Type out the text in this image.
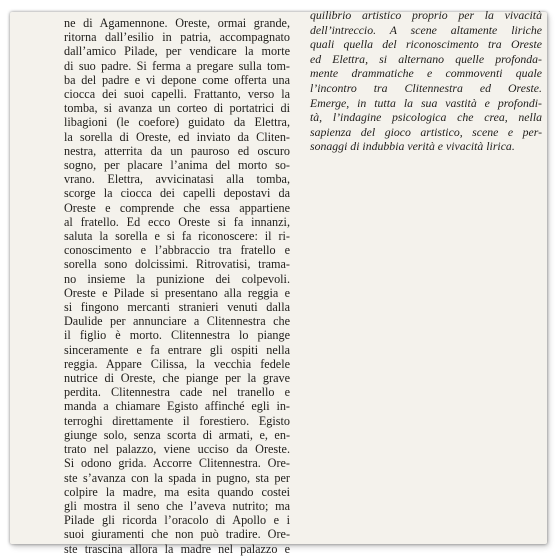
ne di Agamennone. Oreste, ormai grande,
ritorna dall’esilio in patria, accompagnato
dall’amico Pilade, per vendicare la morte
di suo padre. Si ferma a pregare sulla tom-
ba del padre e vi depone come offerta una
ciocca dei suoi capelli. Frattanto, verso la
tomba, si avanza un corteo di portatrici di
libagioni (le coefore) guidato da Elettra,
la sorella di Oreste, ed inviato da Cliten-
nestra, atterrita da un pauroso ed oscuro
sogno, per placare l’anima del morto so-
vrano. Elettra, avvicinatasi alla tomba,
scorge la ciocca dei capelli depostavi da
Oreste e comprende che essa appartiene
al fratello. Ed ecco Oreste si fa innanzi,
saluta la sorella e si fa riconoscere: il ri-
conoscimento e l’abbraccio tra fratello e
sorella sono dolcissimi. Ritrovatisi, trama-
no insieme la punizione dei colpevoli.
Oreste e Pilade si presentano alla reggia e
si fingono mercanti stranieri venuti dalla
Daulide per annunciare a Clitennestra che
il figlio è morto. Clitennestra lo piange
sinceramente e fa entrare gli ospiti nella
reggia. Appare Cilissa, la vecchia fedele
nutrice di Oreste, che piange per la grave
perdita. Clitennestra cade nel tranello e
manda a chiamare Egisto affinché egli in-
terroghi direttamente il forestiero. Egisto
giunge solo, senza scorta di armati, e, en-
trato nel palazzo, viene ucciso da Oreste.
Si odono grida. Accorre Clitennestra. Ore-
ste s’avanza con la spada in pugno, sta per
colpire la madre, ma esita quando costei
gli mostra il seno che l’aveva nutrito; ma
Pilade gli ricorda l’oracolo di Apollo e i
suoi giuramenti che non può tradire. Ore-
ste trascina allora la madre nel palazzo e
quilibrio artistico proprio per la vivacità
dell’intreccio. A scene altamente liriche
quali quella del riconoscimento tra Oreste
ed Elettra, si alternano quelle profonda-
mente drammatiche e commoventi quale
l’incontro tra Clitennestra ed Oreste.
Emerge, in tutta la sua vastità e profondi-
tà, l’indagine psicologica che crea, nella
sapienza del gioco artistico, scene e per-
sonaggi di indubbia verità e vivacità lirica.
